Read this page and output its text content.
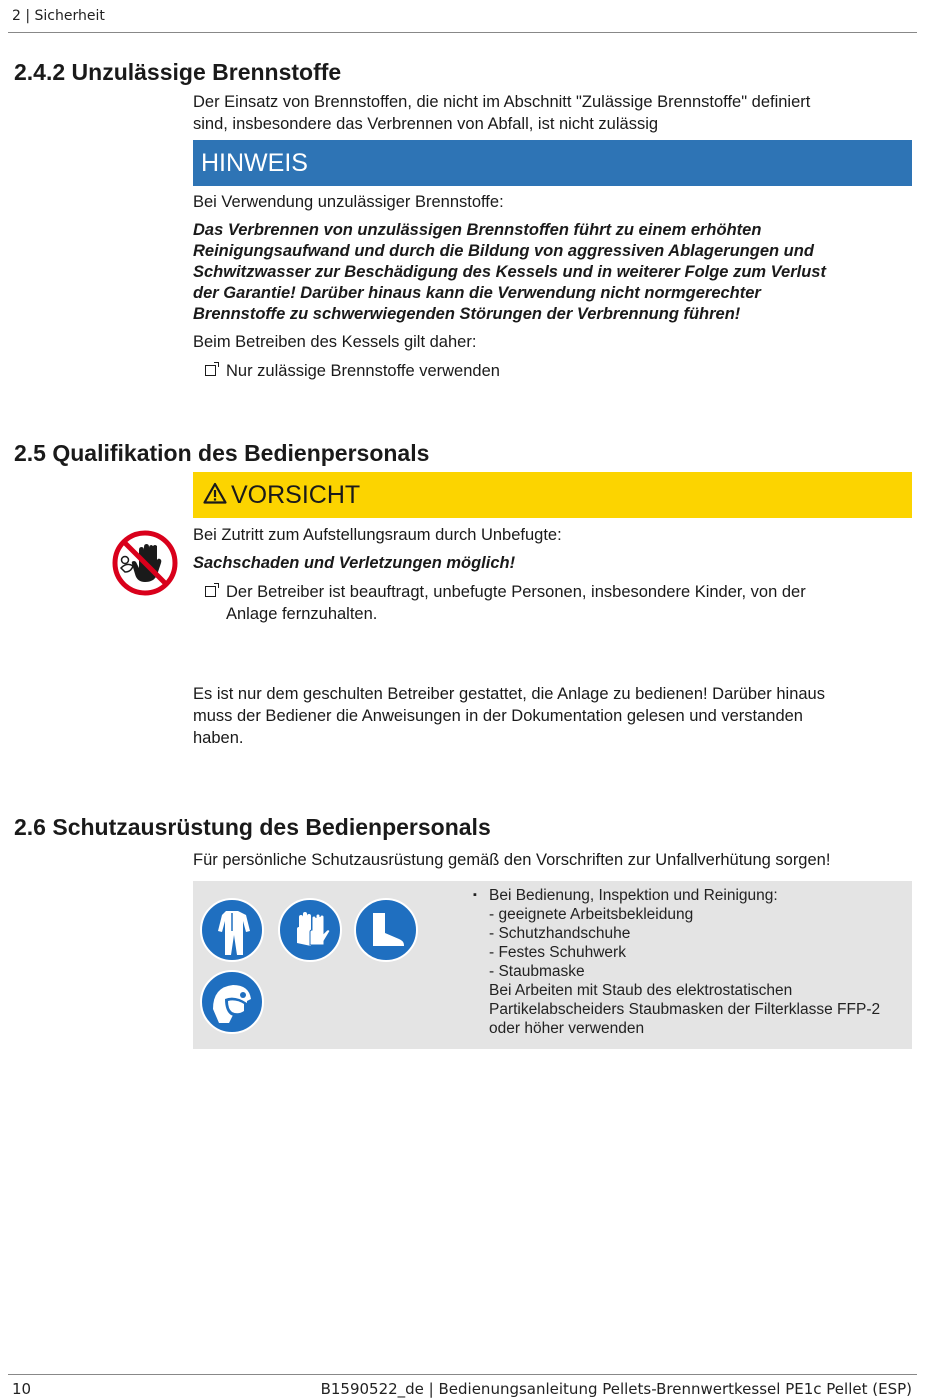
2 | Sicherheit
2.4.2 Unzulässige Brennstoffe
Der Einsatz von Brennstoffen, die nicht im Abschnitt "Zulässige Brennstoffe" definiert
sind, insbesondere das Verbrennen von Abfall, ist nicht zulässig
HINWEIS
Bei Verwendung unzulässiger Brennstoffe:
Das Verbrennen von unzulässigen Brennstoffen führt zu einem erhöhten
Reinigungsaufwand und durch die Bildung von aggressiven Ablagerungen und
Schwitzwasser zur Beschädigung des Kessels und in weiterer Folge zum Verlust
der Garantie! Darüber hinaus kann die Verwendung nicht normgerechter
Brennstoffe zu schwerwiegenden Störungen der Verbrennung führen!
Beim Betreiben des Kessels gilt daher:
Nur zulässige Brennstoffe verwenden
2.5 Qualifikation des Bedienpersonals
VORSICHT
Bei Zutritt zum Aufstellungsraum durch Unbefugte:
Sachschaden und Verletzungen möglich!
Der Betreiber ist beauftragt, unbefugte Personen, insbesondere Kinder, von der
Anlage fernzuhalten.
Es ist nur dem geschulten Betreiber gestattet, die Anlage zu bedienen! Darüber hinaus
muss der Bediener die Anweisungen in der Dokumentation gelesen und verstanden
haben.
2.6 Schutzausrüstung des Bedienpersonals
Für persönliche Schutzausrüstung gemäß den Vorschriften zur Unfallverhütung sorgen!
▪ Bei Bedienung, Inspektion und Reinigung:
- geeignete Arbeitsbekleidung
- Schutzhandschuhe
- Festes Schuhwerk
- Staubmaske
Bei Arbeiten mit Staub des elektrostatischen
Partikelabscheiders Staubmasken der Filterklasse FFP-2
oder höher verwenden
10	B1590522_de | Bedienungsanleitung Pellets-Brennwertkessel PE1c Pellet (ESP)
